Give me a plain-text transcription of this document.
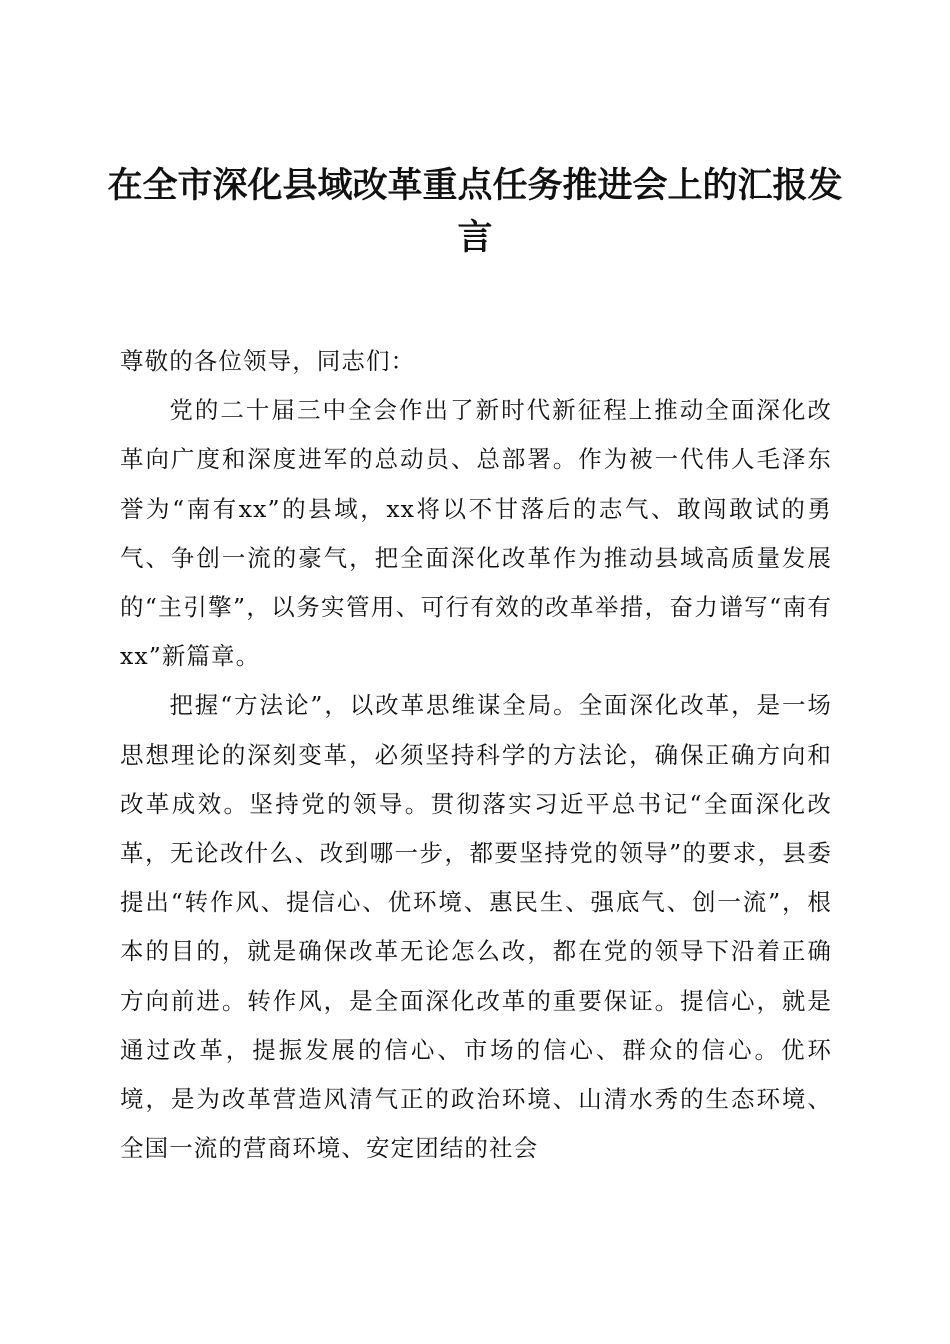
在全市深化县域改革重点任务推进会上的汇报发言

尊敬的各位领导，同志们：

党的二十届三中全会作出了新时代新征程上推动全面深化改革向广度和深度进军的总动员、总部署。作为被一代伟人毛泽东誉为“南有xx”的县域，xx将以不甘落后的志气、敢闯敢试的勇气、争创一流的豪气，把全面深化改革作为推动县域高质量发展的“主引擎”，以务实管用、可行有效的改革举措，奋力谱写“南有xx”新篇章。

把握“方法论”，以改革思维谋全局。全面深化改革，是一场思想理论的深刻变革，必须坚持科学的方法论，确保正确方向和改革成效。坚持党的领导。贯彻落实习近平总书记“全面深化改革，无论改什么、改到哪一步，都要坚持党的领导”的要求，县委提出“转作风、提信心、优环境、惠民生、强底气、创一流”，根本的目的，就是确保改革无论怎么改，都在党的领导下沿着正确方向前进。转作风，是全面深化改革的重要保证。提信心，就是通过改革，提振发展的信心、市场的信心、群众的信心。优环境，是为改革营造风清气正的政治环境、山清水秀的生态环境、全国一流的营商环境、安定团结的社会
